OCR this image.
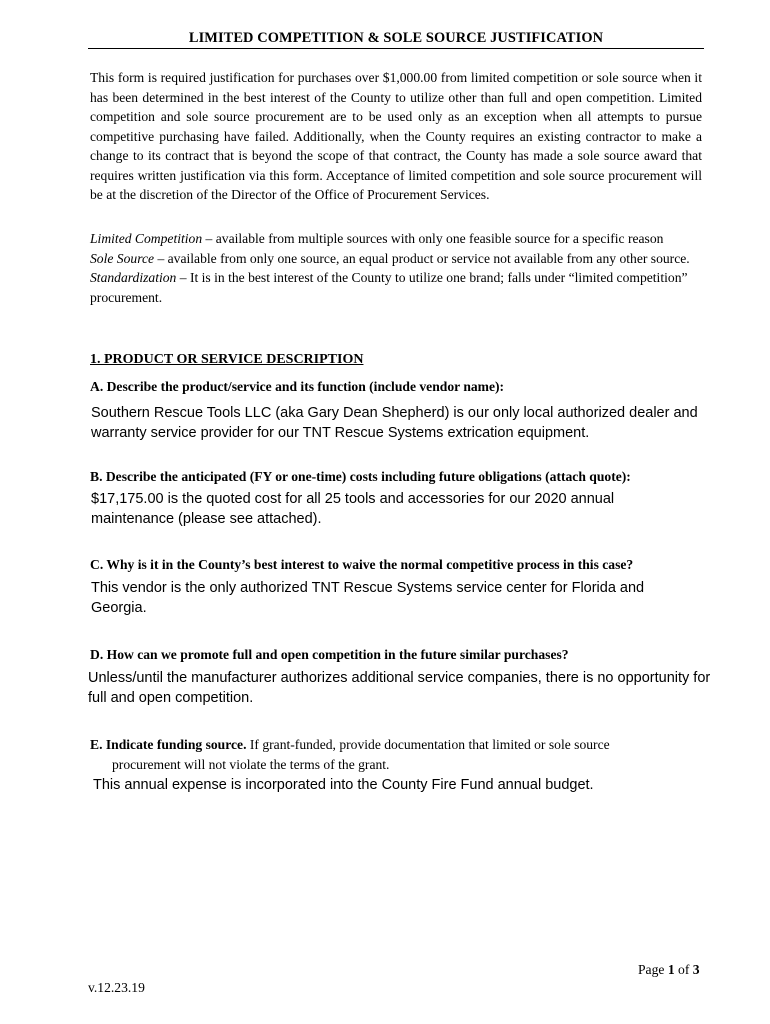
LIMITED COMPETITION & SOLE SOURCE JUSTIFICATION
This form is required justification for purchases over $1,000.00 from limited competition or sole source when it has been determined in the best interest of the County to utilize other than full and open competition. Limited competition and sole source procurement are to be used only as an exception when all attempts to pursue competitive purchasing have failed. Additionally, when the County requires an existing contractor to make a change to its contract that is beyond the scope of that contract, the County has made a sole source award that requires written justification via this form. Acceptance of limited competition and sole source procurement will be at the discretion of the Director of the Office of Procurement Services.

Limited Competition – available from multiple sources with only one feasible source for a specific reason

Sole Source – available from only one source, an equal product or service not available from any other source.

Standardization – It is in the best interest of the County to utilize one brand; falls under “limited competition” procurement.

1. PRODUCT OR SERVICE DESCRIPTION
A. Describe the product/service and its function (include vendor name):
Southern Rescue Tools LLC (aka Gary Dean Shepherd) is our only local authorized dealer and warranty service provider for our TNT Rescue Systems extrication equipment.
B. Describe the anticipated (FY or one-time) costs including future obligations (attach quote):
$17,175.00 is the quoted cost for all 25 tools and accessories for our 2020 annual maintenance (please see attached).
C. Why is it in the County’s best interest to waive the normal competitive process in this case?
This vendor is the only authorized TNT Rescue Systems service center for Florida and Georgia.
D. How can we promote full and open competition in the future similar purchases?
Unless/until the manufacturer authorizes additional service companies, there is no opportunity for full and open competition.
E. Indicate funding source. If grant-funded, provide documentation that limited or sole source
procurement will not violate the terms of the grant.
This annual expense is incorporated into the County Fire Fund annual budget.
Page 1 of 3
v.12.23.19
